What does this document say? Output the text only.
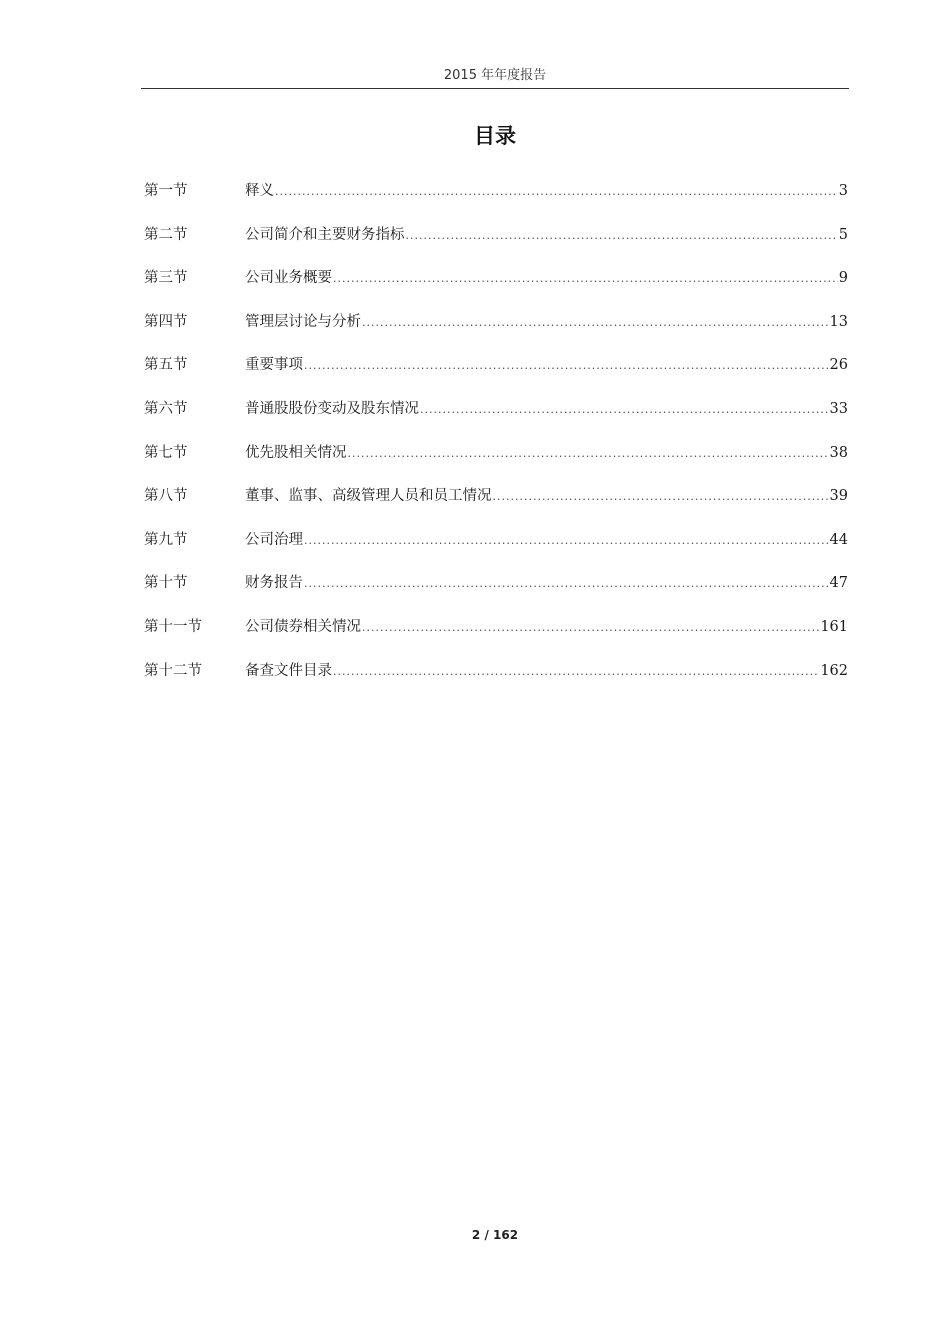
2015 年年度报告
目录
第一节	释义 .....	3
第二节	公司简介和主要财务指标 .....	5
第三节	公司业务概要 .....	9
第四节	管理层讨论与分析 .....	13
第五节	重要事项 .....	26
第六节	普通股股份变动及股东情况 .....	33
第七节	优先股相关情况 .....	38
第八节	董事、监事、高级管理人员和员工情况 .....	39
第九节	公司治理 .....	44
第十节	财务报告 .....	47
第十一节	公司债券相关情况 .....	161
第十二节	备查文件目录 .....	162
2 / 162
